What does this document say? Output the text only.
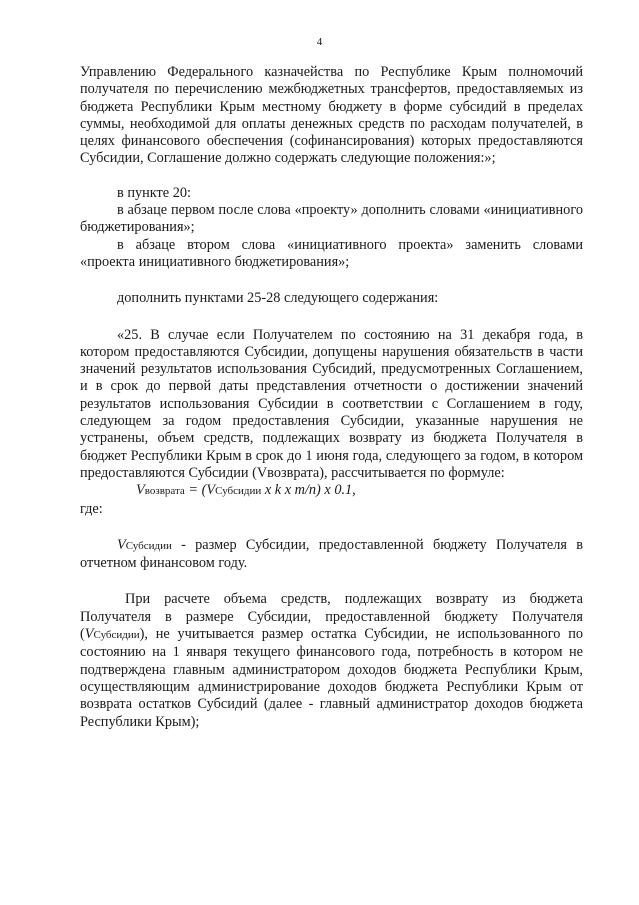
4

Управлению Федерального казначейства по Республике Крым полномочий получателя по перечислению межбюджетных трансфертов, предоставляемых из бюджета Республики Крым местному бюджету в форме субсидий в пределах суммы, необходимой для оплаты денежных средств по расходам получателей, в целях финансового обеспечения (софинансирования) которых предоставляются Субсидии, Соглашение должно содержать следующие положения:»;

в пункте 20:

в абзаце первом после слова «проекту» дополнить словами «инициативного бюджетирования»;

в абзаце втором слова «инициативного проекта» заменить словами «проекта инициативного бюджетирования»;

дополнить пунктами 25-28 следующего содержания:

«25. В случае если Получателем по состоянию на 31 декабря года, в котором предоставляются Субсидии, допущены нарушения обязательств в части значений результатов использования Субсидий, предусмотренных Соглашением, и в срок до первой даты представления отчетности о достижении значений результатов использования Субсидии в соответствии с Соглашением в году, следующем за годом предоставления Субсидии, указанные нарушения не устранены, объем средств, подлежащих возврату из бюджета Получателя в бюджет Республики Крым в срок до 1 июня года, следующего за годом, в котором предоставляются Субсидии (Vвозврата), рассчитывается по формуле:

Vвозврата = (VСубсидии x k x m/n) x 0.1,

где:

VСубсидии - размер Субсидии, предоставленной бюджету Получателя в отчетном финансовом году.

При расчете объема средств, подлежащих возврату из бюджета Получателя в размере Субсидии, предоставленной бюджету Получателя (VСубсидии), не учитывается размер остатка Субсидии, не использованного по состоянию на 1 января текущего финансового года, потребность в котором не подтверждена главным администратором доходов бюджета Республики Крым, осуществляющим администрирование доходов бюджета Республики Крым от возврата остатков Субсидий (далее - главный администратор доходов бюджета Республики Крым);
